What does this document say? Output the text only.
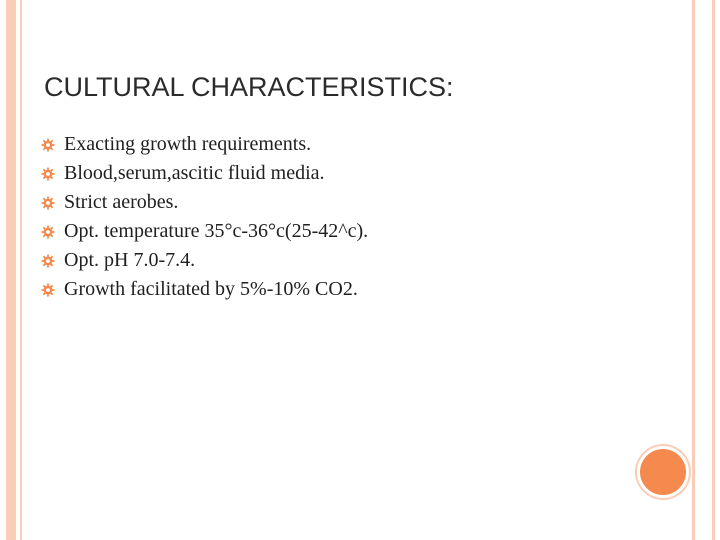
CULTURAL CHARACTERISTICS:
Exacting growth requirements.
Blood,serum,ascitic fluid media.
Strict aerobes.
Opt. temperature 35°c-36°c(25-42^c).
Opt. pH 7.0-7.4.
Growth facilitated by 5%-10% CO2.
